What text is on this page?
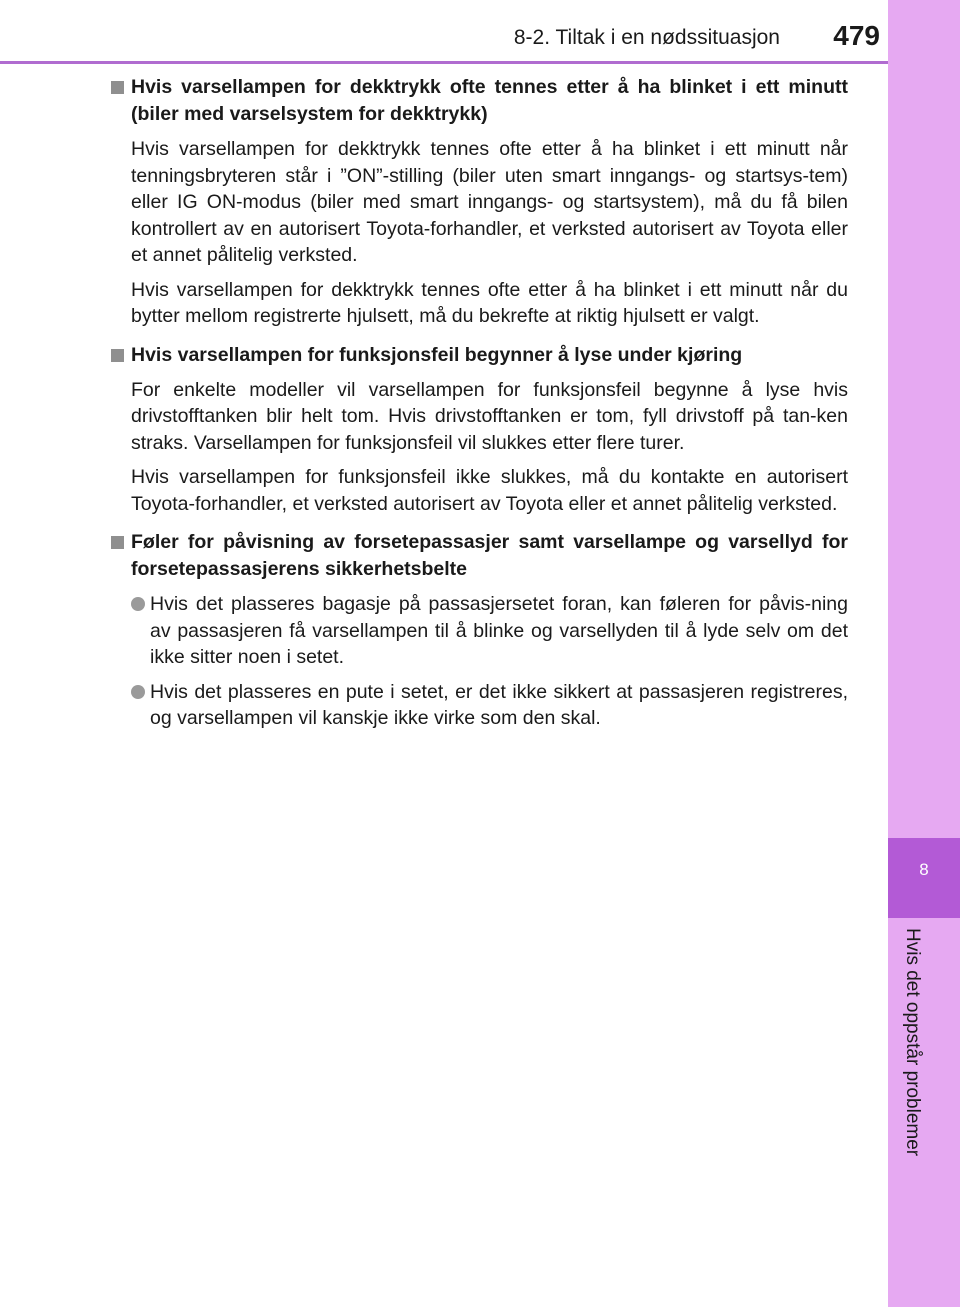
8-2. Tiltak i en nødssituasjon 479
8
Hvis det oppstår problemer
Hvis varsellampen for dekktrykk ofte tennes etter å ha blinket i ett minutt (biler med varselsystem for dekktrykk)

Hvis varsellampen for dekktrykk tennes ofte etter å ha blinket i ett minutt når tenningsbryteren står i ”ON”-stilling (biler uten smart inngangs- og startsys-tem) eller IG ON-modus (biler med smart inngangs- og startsystem), må du få bilen kontrollert av en autorisert Toyota-forhandler, et verksted autorisert av Toyota eller et annet pålitelig verksted.

Hvis varsellampen for dekktrykk tennes ofte etter å ha blinket i ett minutt når du bytter mellom registrerte hjulsett, må du bekrefte at riktig hjulsett er valgt.

Hvis varsellampen for funksjonsfeil begynner å lyse under kjøring

For enkelte modeller vil varsellampen for funksjonsfeil begynne å lyse hvis drivstofftanken blir helt tom. Hvis drivstofftanken er tom, fyll drivstoff på tan-ken straks. Varsellampen for funksjonsfeil vil slukkes etter flere turer.

Hvis varsellampen for funksjonsfeil ikke slukkes, må du kontakte en autorisert Toyota-forhandler, et verksted autorisert av Toyota eller et annet pålitelig verksted.

Føler for påvisning av forsetepassasjer samt varsellampe og varsellyd for forsetepassasjerens sikkerhetsbelte
Hvis det plasseres bagasje på passasjersetet foran, kan føleren for påvis-ning av passasjeren få varsellampen til å blinke og varsellyden til å lyde selv om det ikke sitter noen i setet.
Hvis det plasseres en pute i setet, er det ikke sikkert at passasjeren registreres, og varsellampen vil kanskje ikke virke som den skal.
